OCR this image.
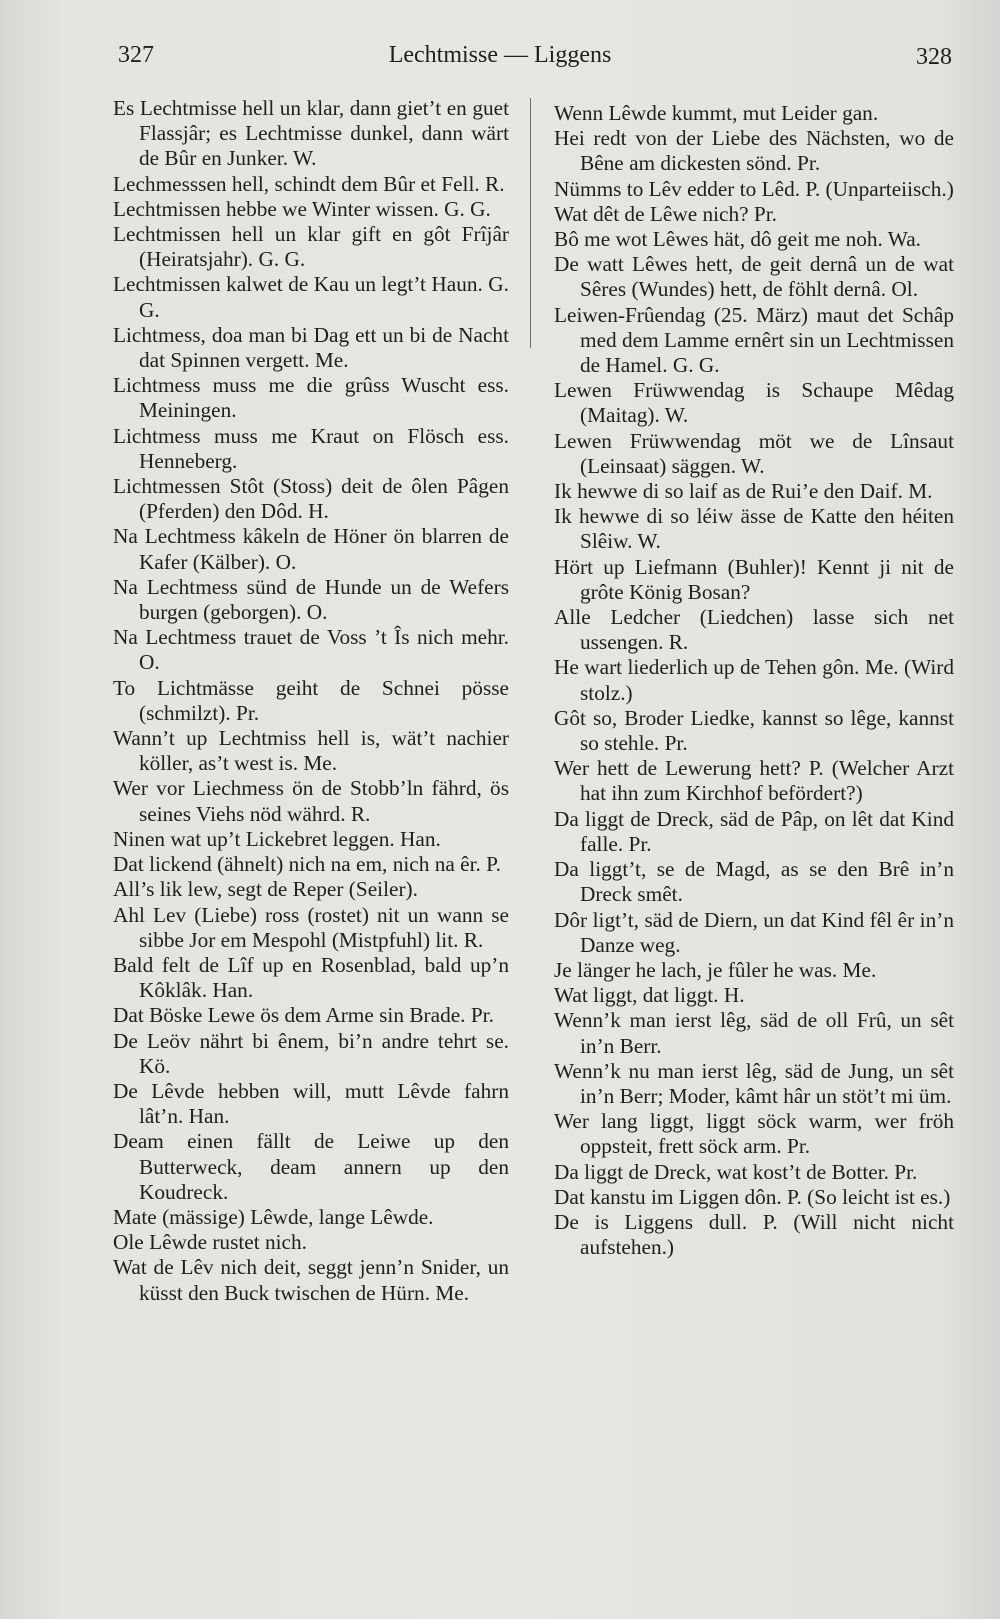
327	Lechtmisse — Liggens	328

Es Lechtmisse hell un klar, dann giet’t en guet Flassjâr; es Lechtmisse dunkel, dann wärt de Bûr en Junker. W.

Lechmesssen hell, schindt dem Bûr et Fell. R.

Lechtmissen hebbe we Winter wissen. G. G.

Lechtmissen hell un klar gift en gôt Frîjâr (Heiratsjahr). G. G.

Lechtmissen kalwet de Kau un legt’t Haun. G. G.

Lichtmess, doa man bi Dag ett un bi de Nacht dat Spinnen vergett. Me.

Lichtmess muss me die grûss Wuscht ess. Meiningen.

Lichtmess muss me Kraut on Flösch ess. Henneberg.

Lichtmessen Stôt (Stoss) deit de ôlen Pâgen (Pferden) den Dôd. H.

Na Lechtmess kâkeln de Höner ön blarren de Kafer (Kälber). O.

Na Lechtmess sünd de Hunde un de Wefers burgen (geborgen). O.

Na Lechtmess trauet de Voss ’t Îs nich mehr. O.

To Lichtmässe geiht de Schnei pösse (schmilzt). Pr.

Wann’t up Lechtmiss hell is, wät’t nachier köller, as’t west is. Me.

Wer vor Liechmess ön de Stobb’ln fährd, ös seines Viehs nöd währd. R.

Ninen wat up’t Lickebret leggen. Han.

Dat lickend (ähnelt) nich na em, nich na êr. P.

All’s lik lew, segt de Reper (Seiler).

Ahl Lev (Liebe) ross (rostet) nit un wann se sibbe Jor em Mespohl (Mistpfuhl) lit. R.

Bald felt de Lîf up en Rosenblad, bald up’n Kôklâk. Han.

Dat Böske Lewe ös dem Arme sin Brade. Pr.

De Leöv nährt bi ênem, bi’n andre tehrt se. Kö.

De Lêvde hebben will, mutt Lêvde fahrn lât’n. Han.

Deam einen fällt de Leiwe up den Butterweck, deam annern up den Koudreck.

Mate (mässige) Lêwde, lange Lêwde.

Ole Lêwde rustet nich.

Wat de Lêv nich deit, seggt jenn’n Snider, un küsst den Buck twischen de Hürn. Me.

Wenn Lêwde kummt, mut Leider gan.

Hei redt von der Liebe des Nächsten, wo de Bêne am dickesten sönd. Pr.

Nümms to Lêv edder to Lêd. P. (Unparteiisch.)

Wat dêt de Lêwe nich? Pr.

Bô me wot Lêwes hät, dô geit me noh. Wa.

De watt Lêwes hett, de geit dernâ un de wat Sêres (Wundes) hett, de föhlt dernâ. Ol.

Leiwen-Frûendag (25. März) maut det Schâp med dem Lamme ernêrt sin un Lechtmissen de Hamel. G. G.

Lewen Früwwendag is Schaupe Mêdag (Maitag). W.

Lewen Früwwendag möt we de Lînsaut (Leinsaat) säggen. W.

Ik hewwe di so laif as de Rui’e den Daif. M.

Ik hewwe di so léiw ässe de Katte den héiten Slêiw. W.

Hört up Liefmann (Buhler)! Kennt ji nit de grôte König Bosan?

Alle Ledcher (Liedchen) lasse sich net ussengen. R.

He wart liederlich up de Tehen gôn. Me. (Wird stolz.)

Gôt so, Broder Liedke, kannst so lêge, kannst so stehle. Pr.

Wer hett de Lewerung hett? P. (Welcher Arzt hat ihn zum Kirchhof befördert?)

Da liggt de Dreck, säd de Pâp, on lêt dat Kind falle. Pr.

Da liggt’t, se de Magd, as se den Brê in’n Dreck smêt.

Dôr ligt’t, säd de Diern, un dat Kind fêl êr in’n Danze weg.

Je länger he lach, je fûler he was. Me.

Wat liggt, dat liggt. H.

Wenn’k man ierst lêg, säd de oll Frû, un sêt in’n Berr.

Wenn’k nu man ierst lêg, säd de Jung, un sêt in’n Berr; Moder, kâmt hâr un stöt’t mi üm.

Wer lang liggt, liggt söck warm, wer fröh oppsteit, frett söck arm. Pr.

Da liggt de Dreck, wat kost’t de Botter. Pr.

Dat kanstu im Liggen dôn. P. (So leicht ist es.)

De is Liggens dull. P. (Will nicht nicht aufstehen.)
